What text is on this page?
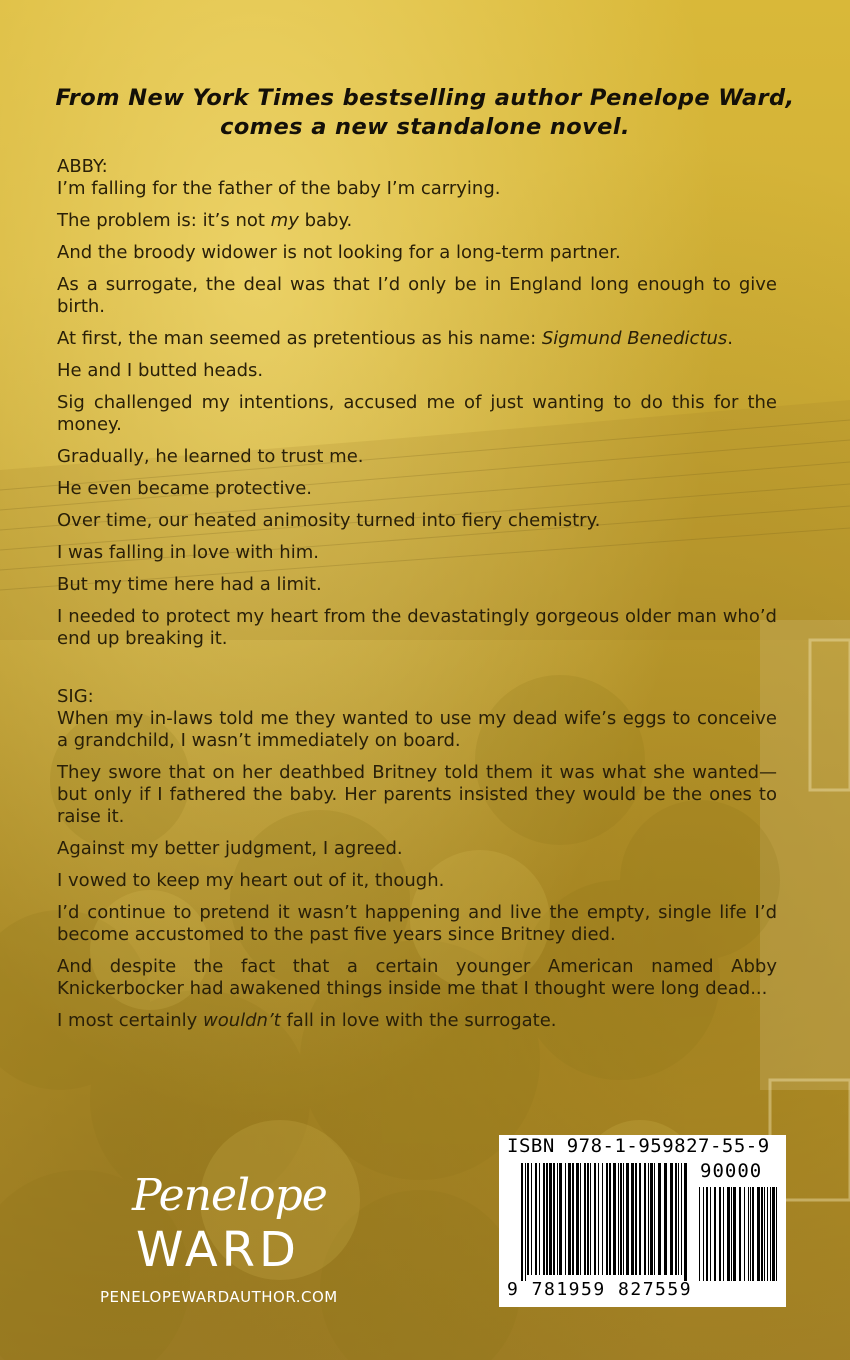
From New York Times bestselling author Penelope Ward, comes a new standalone novel.

ABBY:

I’m falling for the father of the baby I’m carrying.

The problem is: it’s not my baby.

And the broody widower is not looking for a long-term partner.

As a surrogate, the deal was that I’d only be in England long enough to give birth.

At first, the man seemed as pretentious as his name: Sigmund Benedictus.

He and I butted heads.

Sig challenged my intentions, accused me of just wanting to do this for the money.

Gradually, he learned to trust me.

He even became protective.

Over time, our heated animosity turned into fiery chemistry.

I was falling in love with him.

But my time here had a limit.

I needed to protect my heart from the devastatingly gorgeous older man who’d end up breaking it.

SIG:

When my in-laws told me they wanted to use my dead wife’s eggs to conceive a grandchild, I wasn’t immediately on board.

They swore that on her deathbed Britney told them it was what she wanted—but only if I fathered the baby. Her parents insisted they would be the ones to raise it.

Against my better judgment, I agreed.

I vowed to keep my heart out of it, though.

I’d continue to pretend it wasn’t happening and live the empty, single life I’d become accustomed to the past five years since Britney died.

And despite the fact that a certain younger American named Abby Knickerbocker had awakened things inside me that I thought were long dead...

I most certainly wouldn’t fall in love with the surrogate.

Penelope
WARD
PENELOPEWARDAUTHOR.COM
ISBN 978-1-959827-55-9
90000
9 781959 827559
